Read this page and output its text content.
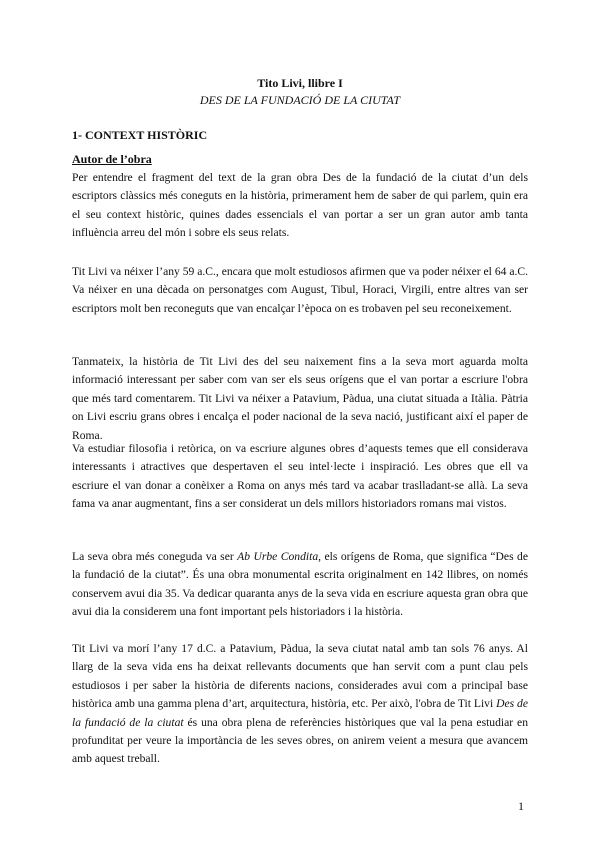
Tito Livi, llibre I
DES DE LA FUNDACIÓ DE LA CIUTAT
1- CONTEXT HISTÒRIC
Autor de l’obra

Per entendre el fragment del text de la gran obra Des de la fundació de la ciutat d’un dels escriptors clàssics més coneguts en la història, primerament hem de saber de qui parlem, quin era el seu context històric, quines dades essencials el van portar a ser un gran autor amb tanta influència arreu del món i sobre els seus relats.

Tit Livi va néixer l’any 59 a.C., encara que molt estudiosos afirmen que va poder néixer el 64 a.C. Va néixer en una dècada on personatges com August, Tibul, Horaci, Virgili, entre altres van ser escriptors molt ben reconeguts que van encalçar l’època on es trobaven pel seu reconeixement.

Tanmateix, la història de Tit Livi des del seu naixement fins a la seva mort aguarda molta informació interessant per saber com van ser els seus orígens que el van portar a escriure l'obra que més tard comentarem. Tit Livi va néixer a Patavium, Pàdua, una ciutat situada a Itàlia. Pàtria on Livi escriu grans obres i encalça el poder nacional de la seva nació, justificant així el paper de Roma.

Va estudiar filosofia i retòrica, on va escriure algunes obres d’aquests temes que ell considerava interessants i atractives que despertaven el seu intel·lecte i inspiració. Les obres que ell va escriure el van donar a conèixer a Roma on anys més tard va acabar traslladant-se allà. La seva fama va anar augmentant, fins a ser considerat un dels millors historiadors romans mai vistos.

La seva obra més coneguda va ser Ab Urbe Condita, els orígens de Roma, que significa “Des de la fundació de la ciutat”. És una obra monumental escrita originalment en 142 llibres, on només conservem avui dia 35. Va dedicar quaranta anys de la seva vida en escriure aquesta gran obra que avui dia la considerem una font important pels historiadors i la història.

Tit Livi va morí l’any 17 d.C. a Patavium, Pàdua, la seva ciutat natal amb tan sols 76 anys. Al llarg de la seva vida ens ha deixat rellevants documents que han servit com a punt clau pels estudiosos i per saber la història de diferents nacions, considerades avui com a principal base històrica amb una gamma plena d’art, arquitectura, història, etc. Per això, l'obra de Tit Livi Des de la fundació de la ciutat és una obra plena de referències històriques que val la pena estudiar en profunditat per veure la importància de les seves obres, on anirem veient a mesura que avancem amb aquest treball.

1
